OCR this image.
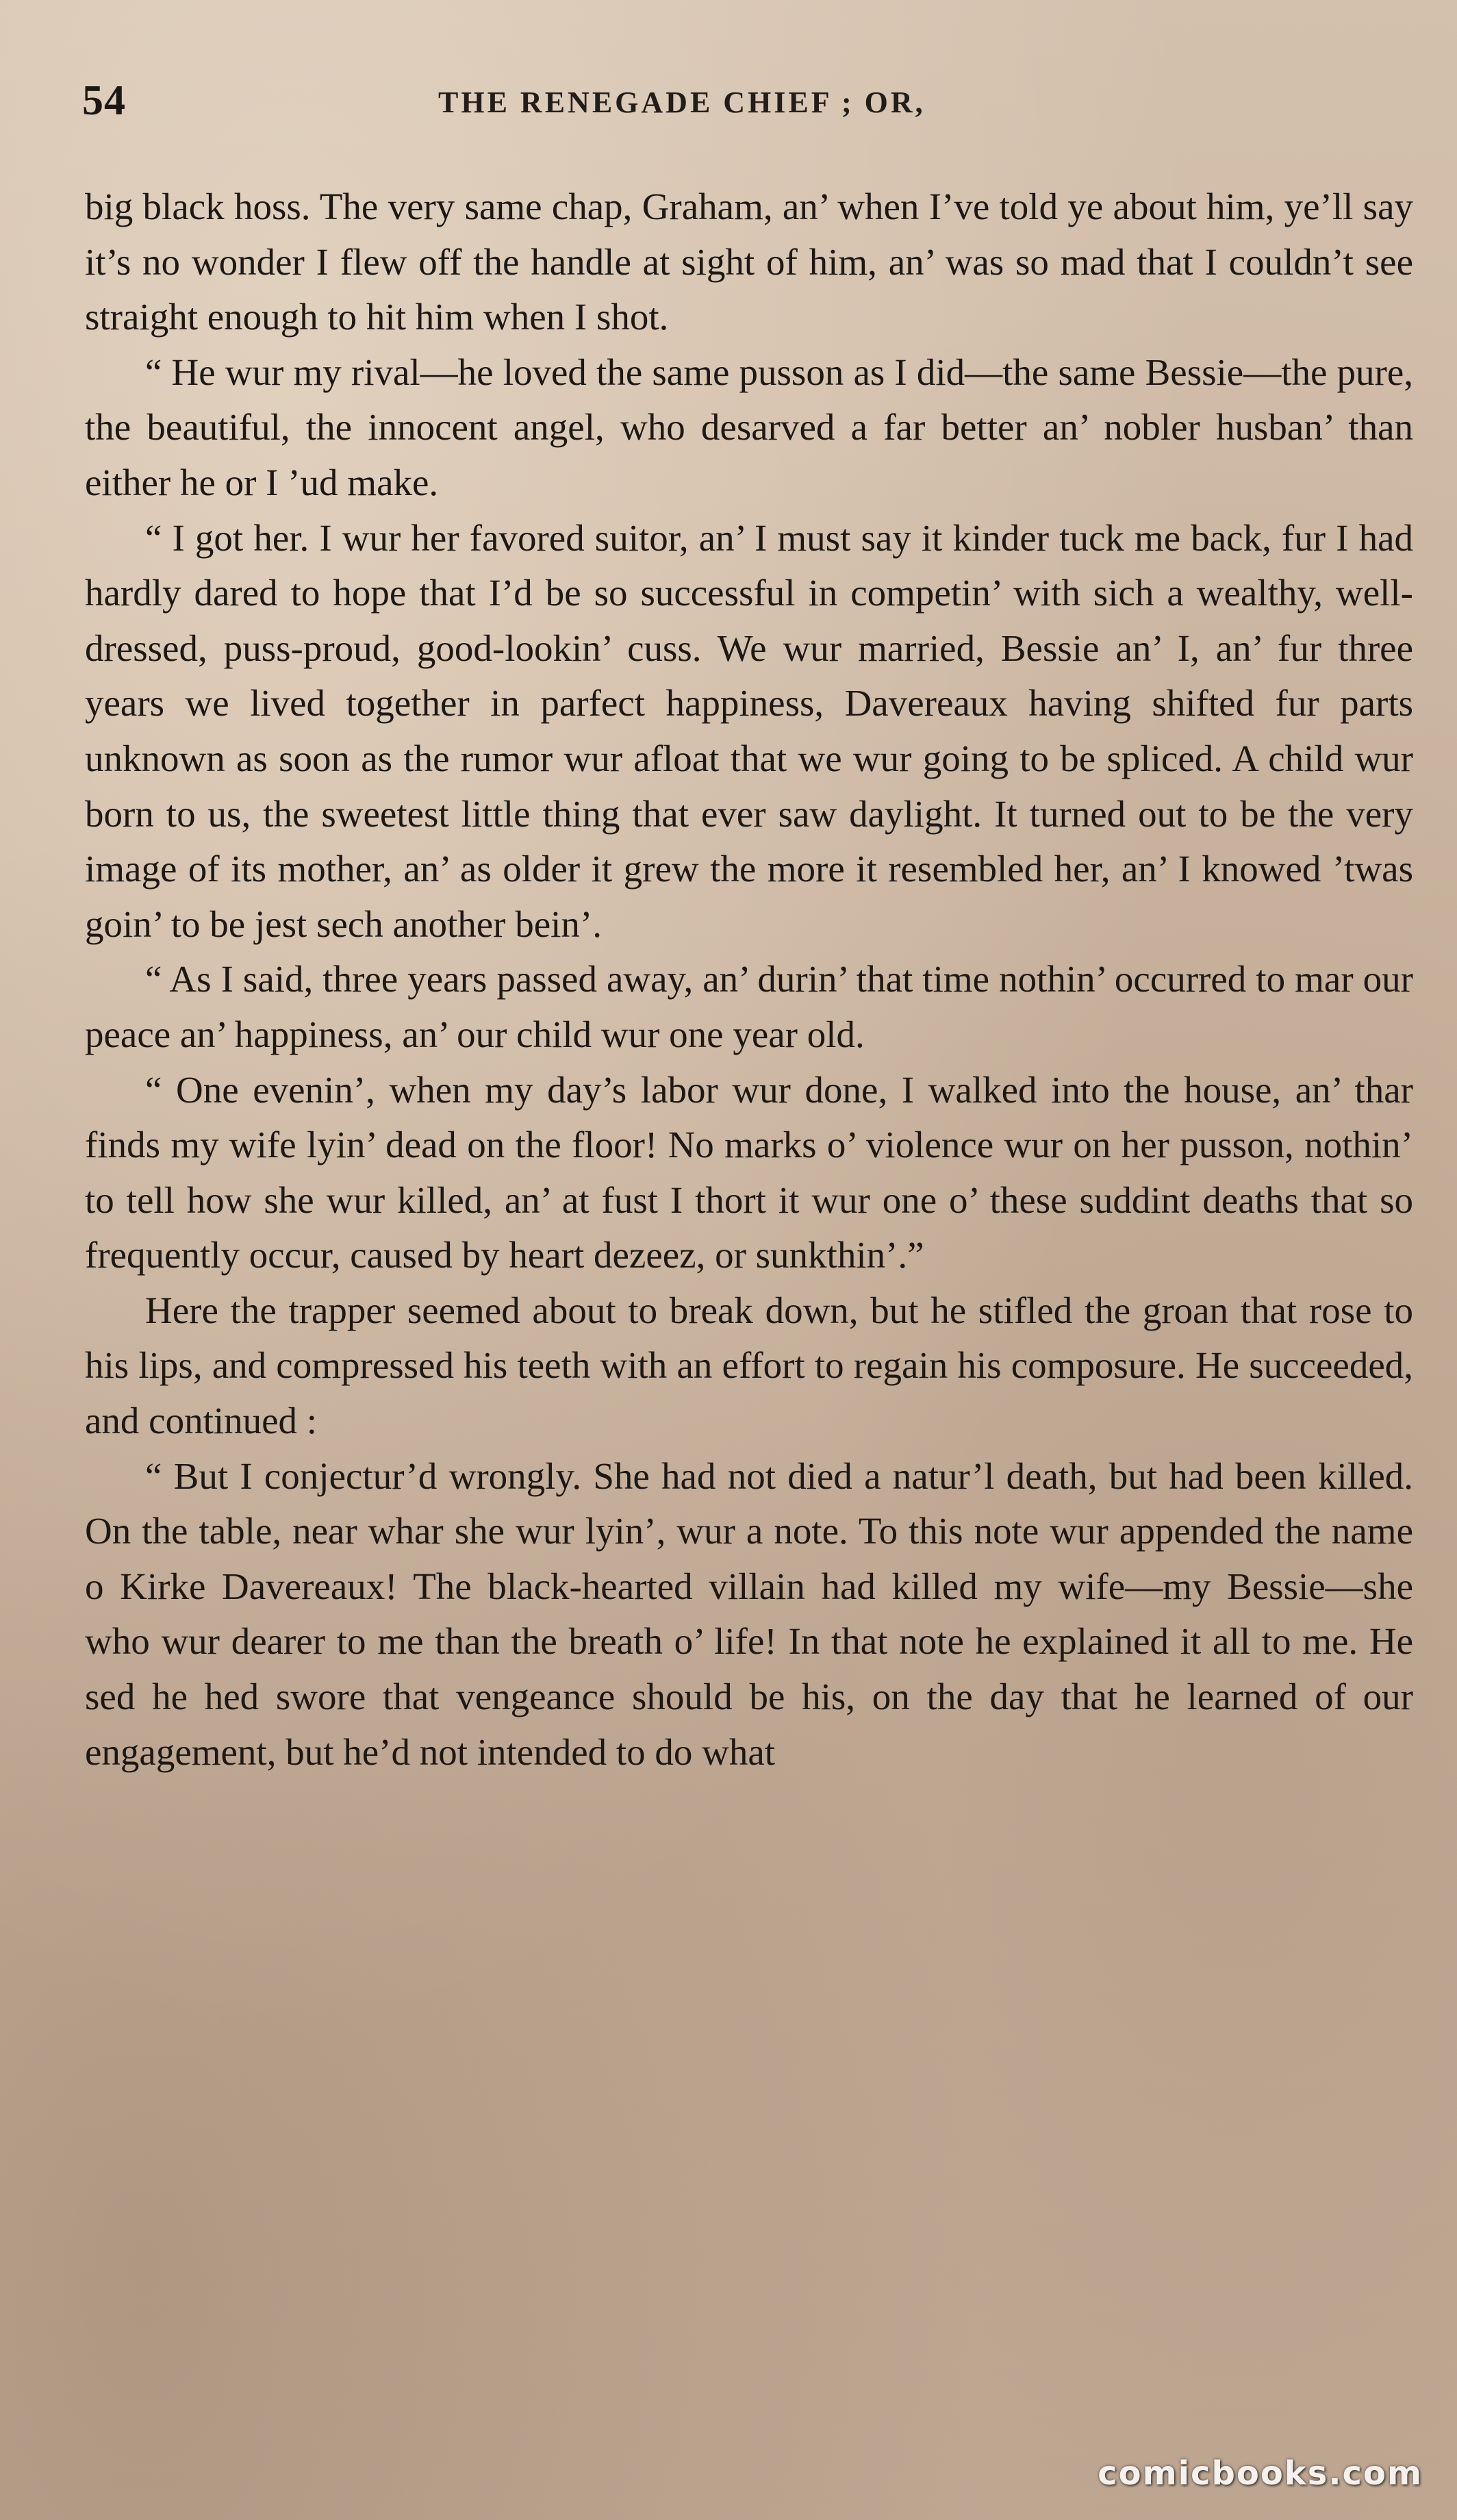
54	THE RENEGADE CHIEF ; OR,

big black hoss. The very same chap, Graham, an’ when I’ve told ye about him, ye’ll say it’s no wonder I flew off the handle at sight of him, an’ was so mad that I couldn’t see straight enough to hit him when I shot.

“ He wur my rival—he loved the same pusson as I did—the same Bessie—the pure, the beautiful, the innocent angel, who desarved a far better an’ nobler husban’ than either he or I ’ud make.

“ I got her. I wur her favored suitor, an’ I must say it kinder tuck me back, fur I had hardly dared to hope that I’d be so successful in competin’ with sich a wealthy, well-dressed, puss-proud, good-lookin’ cuss. We wur married, Bessie an’ I, an’ fur three years we lived together in parfect happiness, Davereaux having shifted fur parts unknown as soon as the rumor wur afloat that we wur going to be spliced. A child wur born to us, the sweetest little thing that ever saw daylight. It turned out to be the very image of its mother, an’ as older it grew the more it resembled her, an’ I knowed ’twas goin’ to be jest sech another bein’.

“ As I said, three years passed away, an’ durin’ that time nothin’ occurred to mar our peace an’ happiness, an’ our child wur one year old.

“ One evenin’, when my day’s labor wur done, I walked into the house, an’ thar finds my wife lyin’ dead on the floor! No marks o’ violence wur on her pusson, nothin’ to tell how she wur killed, an’ at fust I thort it wur one o’ these suddint deaths that so frequently occur, caused by heart dezeez, or sunkthin’.”

Here the trapper seemed about to break down, but he stifled the groan that rose to his lips, and compressed his teeth with an effort to regain his composure. He succeeded, and continued :

“ But I conjectur’d wrongly. She had not died a natur’l death, but had been killed. On the table, near whar she wur lyin’, wur a note. To this note wur appended the name o Kirke Davereaux! The black-hearted villain had killed my wife—my Bessie—she who wur dearer to me than the breath o’ life! In that note he explained it all to me. He sed he hed swore that vengeance should be his, on the day that he learned of our engagement, but he’d not intended to do what

comicbooks.com
